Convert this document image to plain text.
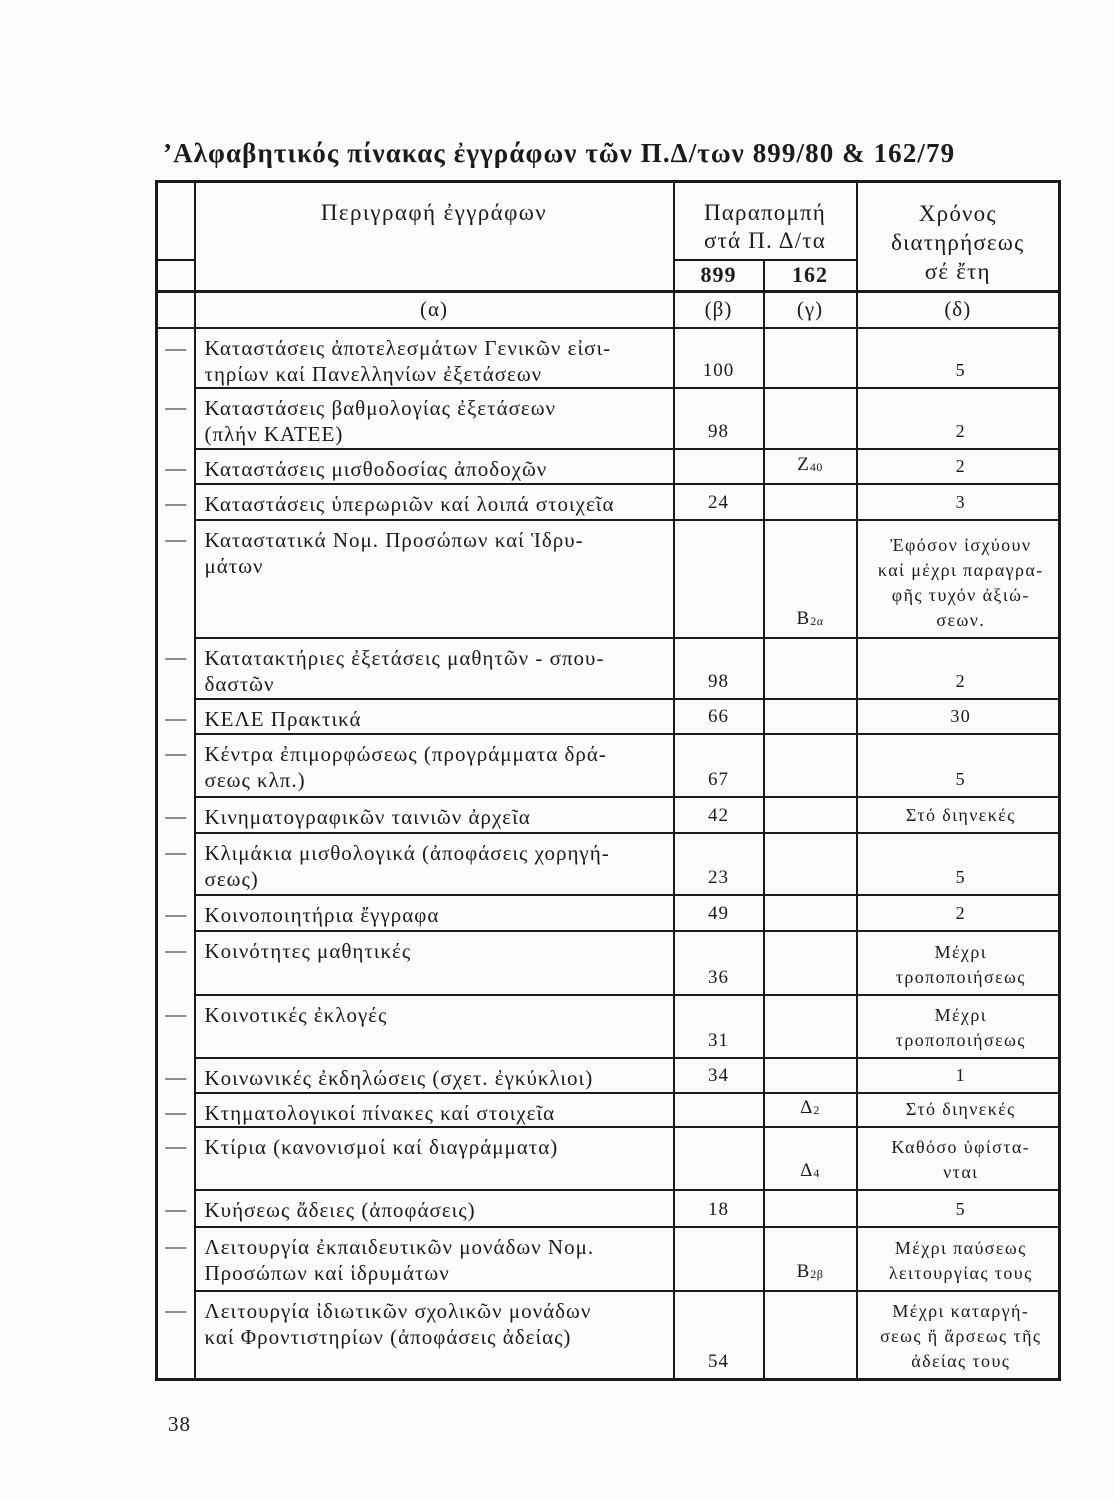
’Αλφαβητικός πίνακας ἐγγράφων τῶν Π.Δ/των 899/80 & 162/79

	Περιγραφή ἐγγράφων	Παραπομπή
στά Π. Δ/τα		Χρόνος
διατηρήσεως
σέ ἔτη

		899	162	
	(α)	(β)	(γ)	(δ)
—	Καταστάσεις ἀποτελεσμάτων Γενικῶν εἰσι-
τηρίων καί Πανελληνίων ἐξετάσεων	100		5

—	Καταστάσεις βαθμολογίας ἐξετάσεων
(πλήν ΚΑΤΕΕ)	98		2

—	Καταστάσεις μισθοδοσίας ἀποδοχῶν		Ζ40	2

—	Καταστάσεις ὑπερωριῶν καί λοιπά στοιχεῖα	24		3

—	Καταστατικά Νομ. Προσώπων καί Ἱδρυ-
μάτων		Β2α	Ἐφόσον ἰσχύουν
καί μέχρι παραγρα-
φῆς τυχόν ἀξιώ-
σεων.

—	Κατατακτήριες ἐξετάσεις μαθητῶν - σπου-
δαστῶν	98		2

—	ΚΕΛΕ Πρακτικά	66		30

—	Κέντρα ἐπιμορφώσεως (προγράμματα δρά-
σεως κλπ.)	67		5

—	Κινηματογραφικῶν ταινιῶν ἀρχεῖα	42		Στό διηνεκές

—	Κλιμάκια μισθολογικά (ἀποφάσεις χορηγή-
σεως)	23		5

—	Κοινοποιητήρια ἔγγραφα	49		2

—	Κοινότητες μαθητικές	36		Μέχρι
τροποποιήσεως

—	Κοινοτικές ἐκλογές	31		Μέχρι
τροποποιήσεως

—	Κοινωνικές ἐκδηλώσεις (σχετ. ἐγκύκλιοι)	34		1

—	Κτηματολογικοί πίνακες καί στοιχεῖα		Δ2	Στό διηνεκές

—	Κτίρια (κανονισμοί καί διαγράμματα)		Δ4	Καθόσο ὑφίστα-
νται

—	Κυήσεως ἄδειες (ἀποφάσεις)	18		5

—	Λειτουργία ἐκπαιδευτικῶν μονάδων Νομ.
Προσώπων καί ἱδρυμάτων		Β2β	Μέχρι παύσεως
λειτουργίας τους

—	Λειτουργία ἰδιωτικῶν σχολικῶν μονάδων
καί Φροντιστηρίων (ἀποφάσεις ἀδείας)	54		Μέχρι καταργή-
σεως ἤ ἄρσεως τῆς
ἀδείας τους
38
